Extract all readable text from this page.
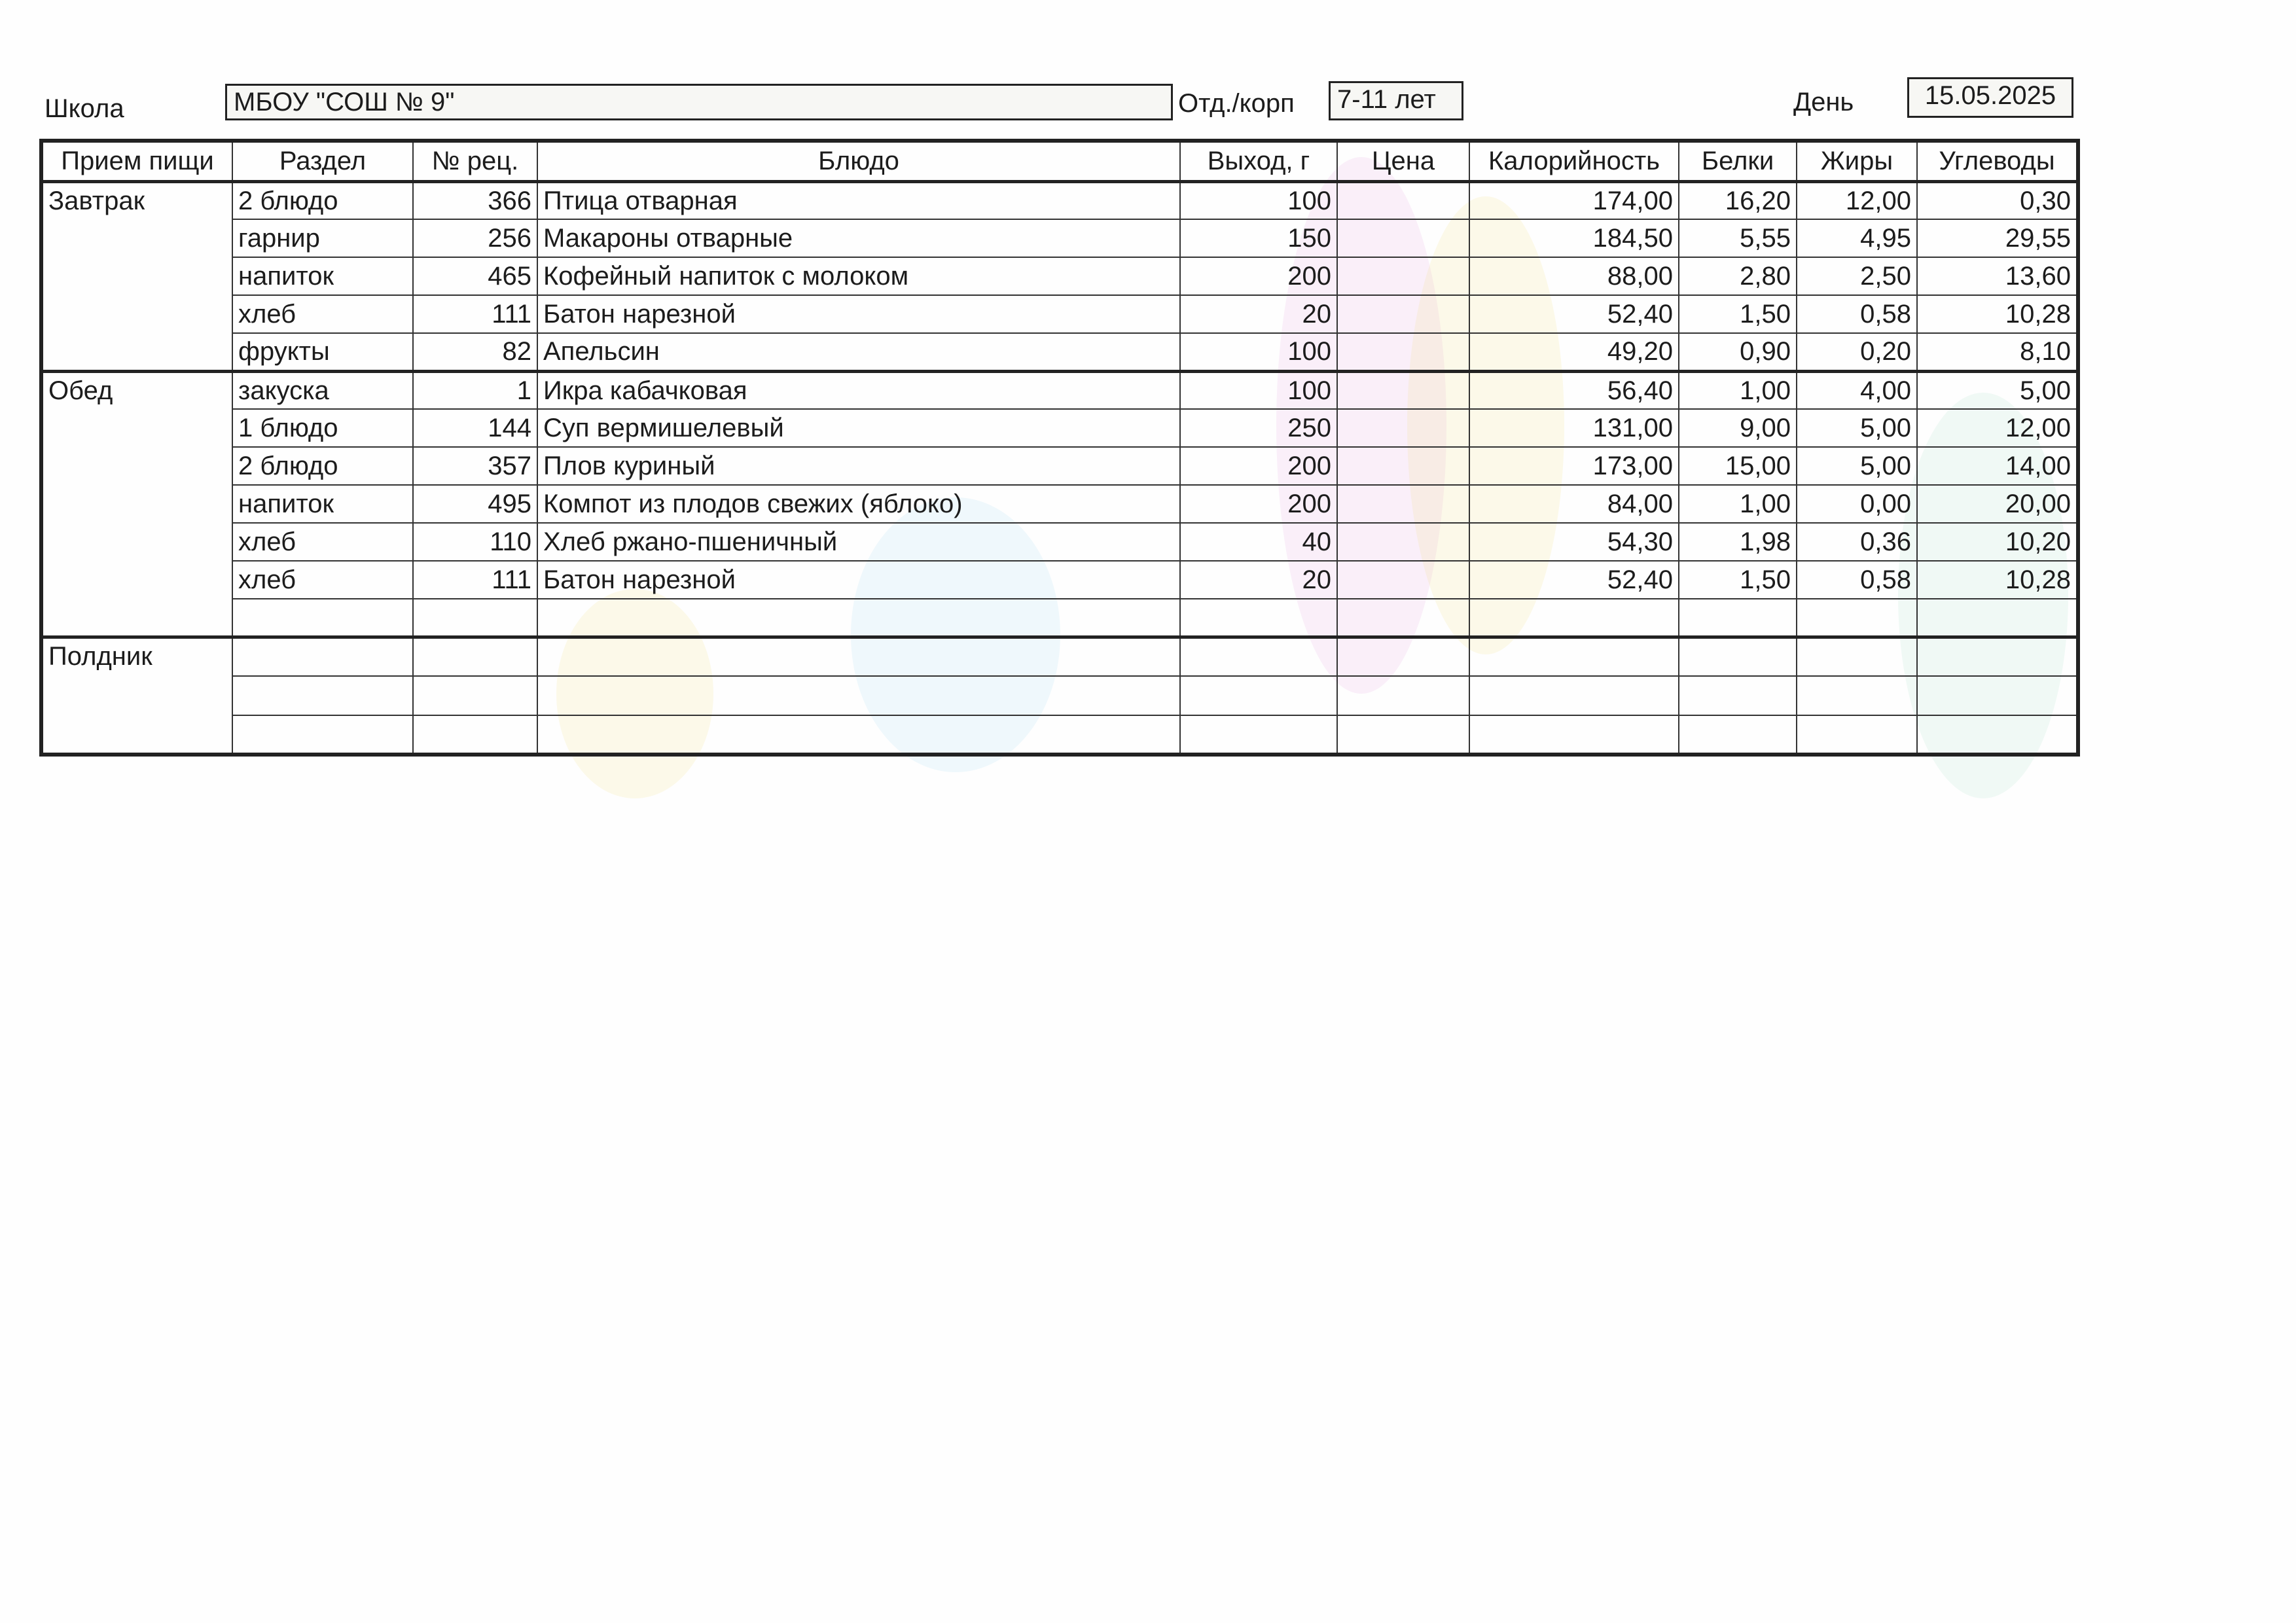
Школа	МБОУ "СОШ № 9"	Отд./корп	7-11 лет	День	15.05.2025
Прием пищи	Раздел	№ рец.	Блюдо	Выход, г	Цена	Калорийность	Белки	Жиры	Углеводы
Завтрак	2 блюдо	366	Птица отварная	100		174,00	16,20	12,00	0,30
	гарнир	256	Макароны отварные	150		184,50	5,55	4,95	29,55
	напиток	465	Кофейный напиток с молоком	200		88,00	2,80	2,50	13,60
	хлеб	111	Батон нарезной	20		52,40	1,50	0,58	10,28
	фрукты	82	Апельсин	100		49,20	0,90	0,20	8,10
Обед	закуска	1	Икра кабачковая	100		56,40	1,00	4,00	5,00
	1 блюдо	144	Суп вермишелевый	250		131,00	9,00	5,00	12,00
	2 блюдо	357	Плов куриный	200		173,00	15,00	5,00	14,00
	напиток	495	Компот из плодов свежих (яблоко)	200		84,00	1,00	0,00	20,00
	хлеб	110	Хлеб ржано-пшеничный	40		54,30	1,98	0,36	10,20
	хлеб	111	Батон нарезной	20		52,40	1,50	0,58	10,28

Полдник									
